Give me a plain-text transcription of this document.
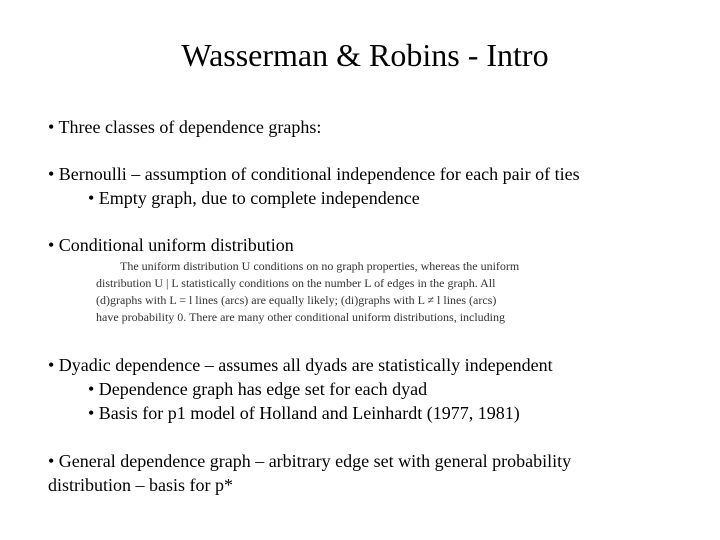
Wasserman & Robins - Intro
• Three classes of dependence graphs:
• Bernoulli – assumption of conditional independence for each pair of ties
• Empty graph, due to complete independence
• Conditional uniform distribution
The uniform distribution U conditions on no graph properties, whereas the uniform
distribution U | L statistically conditions on the number L of edges in the graph. All
(d)graphs with L = l lines (arcs) are equally likely; (di)graphs with L ≠ l lines (arcs)
have probability 0. There are many other conditional uniform distributions, including
• Dyadic dependence – assumes all dyads are statistically independent
• Dependence graph has edge set for each dyad
• Basis for p1 model of Holland and Leinhardt (1977, 1981)
• General dependence graph – arbitrary edge set with general probability
distribution – basis for p*
